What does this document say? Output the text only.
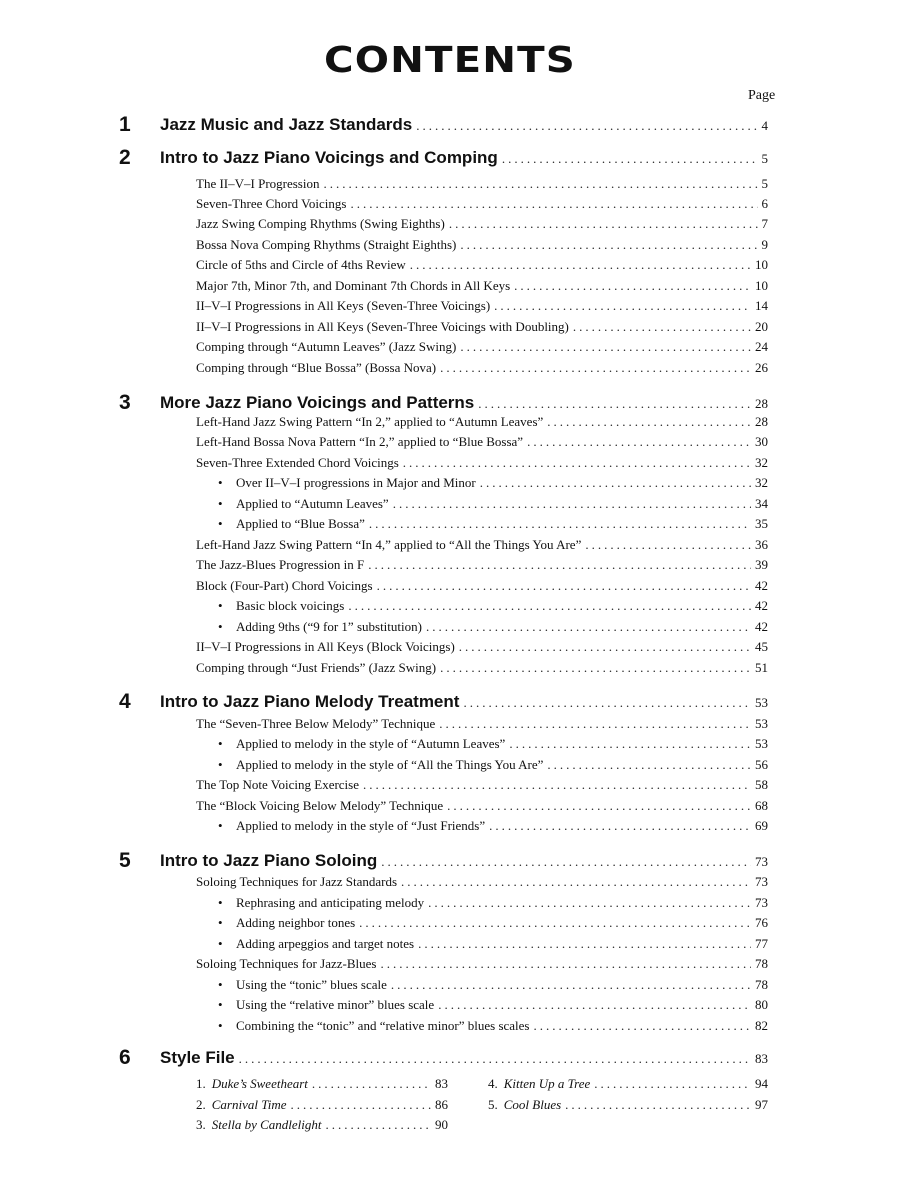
CONTENTS
Page
1 Jazz Music and Jazz Standards .....	4
2 Intro to Jazz Piano Voicings and Comping .....	5
The II–V–I Progression .....	5
Seven-Three Chord Voicings .....	6
Jazz Swing Comping Rhythms (Swing Eighths) .....	7
Bossa Nova Comping Rhythms (Straight Eighths) .....	9
Circle of 5ths and Circle of 4ths Review .....	10
Major 7th, Minor 7th, and Dominant 7th Chords in All Keys .....	10
II–V–I Progressions in All Keys (Seven-Three Voicings) .....	14
II–V–I Progressions in All Keys (Seven-Three Voicings with Doubling) .....	20
Comping through “Autumn Leaves” (Jazz Swing) .....	24
Comping through “Blue Bossa” (Bossa Nova) .....	26
3 More Jazz Piano Voicings and Patterns .....	28
Left-Hand Jazz Swing Pattern “In 2,” applied to “Autumn Leaves” .....	28
Left-Hand Bossa Nova Pattern “In 2,” applied to “Blue Bossa” .....	30
Seven-Three Extended Chord Voicings .....	32
• Over II–V–I progressions in Major and Minor .....	32
• Applied to “Autumn Leaves” .....	34
• Applied to “Blue Bossa” .....	35
Left-Hand Jazz Swing Pattern “In 4,” applied to “All the Things You Are” .....	36
The Jazz-Blues Progression in F .....	39
Block (Four-Part) Chord Voicings .....	42
• Basic block voicings .....	42
• Adding 9ths (“9 for 1” substitution) .....	42
II–V–I Progressions in All Keys (Block Voicings) .....	45
Comping through “Just Friends” (Jazz Swing) .....	51
4 Intro to Jazz Piano Melody Treatment .....	53
The “Seven-Three Below Melody” Technique .....	53
• Applied to melody in the style of “Autumn Leaves” .....	53
• Applied to melody in the style of “All the Things You Are” .....	56
The Top Note Voicing Exercise .....	58
The “Block Voicing Below Melody” Technique .....	68
• Applied to melody in the style of “Just Friends” .....	69
5 Intro to Jazz Piano Soloing .....	73
Soloing Techniques for Jazz Standards .....	73
• Rephrasing and anticipating melody .....	73
• Adding neighbor tones .....	76
• Adding arpeggios and target notes .....	77
Soloing Techniques for Jazz-Blues .....	78
• Using the “tonic” blues scale .....	78
• Using the “relative minor” blues scale .....	80
• Combining the “tonic” and “relative minor” blues scales .....	82
6 Style File .....	83
1. Duke’s Sweetheart .....	83
2. Carnival Time .....	86
3. Stella by Candlelight .....	90
4. Kitten Up a Tree .....	94
5. Cool Blues .....	97
